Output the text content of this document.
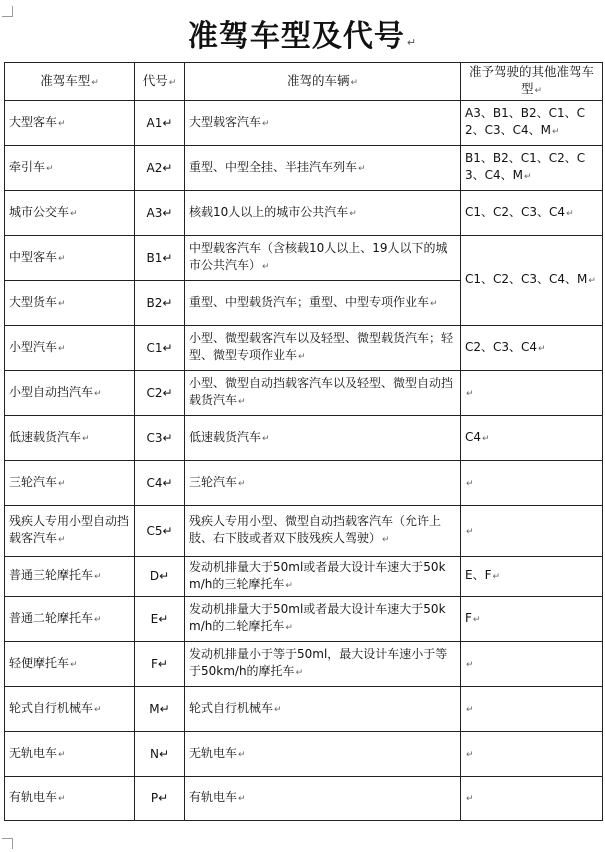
准驾车型及代号 ↵
准驾车型↵	代号↵	准驾的车辆↵	准予驾驶的其他准驾车型↵
大型客车↵	A1↵	大型载客汽车↵	A3、B1、B2、C1、C2、C3、C4、M↵
牵引车↵	A2↵	重型、中型全挂、半挂汽车列车↵	B1、B2、C1、C2、C3、C4、M↵
城市公交车↵	A3↵	核载10人以上的城市公共汽车↵	C1、C2、C3、C4↵
中型客车↵	B1↵	中型载客汽车（含核载10人以上、19人以下的城市公共汽车）↵	C1、C2、C3、C4、M↵
大型货车↵	B2↵	重型、中型载货汽车；重型、中型专项作业车↵	
小型汽车↵	C1↵	小型、微型载客汽车以及轻型、微型载货汽车；轻型、微型专项作业车↵	C2、C3、C4↵
小型自动挡汽车↵	C2↵	小型、微型自动挡载客汽车以及轻型、微型自动挡载货汽车↵	↵
低速载货汽车↵	C3↵	低速载货汽车↵	C4↵
三轮汽车↵	C4↵	三轮汽车↵	↵
残疾人专用小型自动挡载客汽车↵	C5↵	残疾人专用小型、微型自动挡载客汽车（允许上肢、右下肢或者双下肢残疾人驾驶）↵	↵
普通三轮摩托车↵	D↵	发动机排量大于50ml或者最大设计车速大于50km/h的三轮摩托车↵	E、F↵
普通二轮摩托车↵	E↵	发动机排量大于50ml或者最大设计车速大于50km/h的二轮摩托车↵	F↵
轻便摩托车↵	F↵	发动机排量小于等于50ml，最大设计车速小于等于50km/h的摩托车↵	↵
轮式自行机械车↵	M↵	轮式自行机械车↵	↵
无轨电车↵	N↵	无轨电车↵	↵
有轨电车↵	P↵	有轨电车↵	↵
